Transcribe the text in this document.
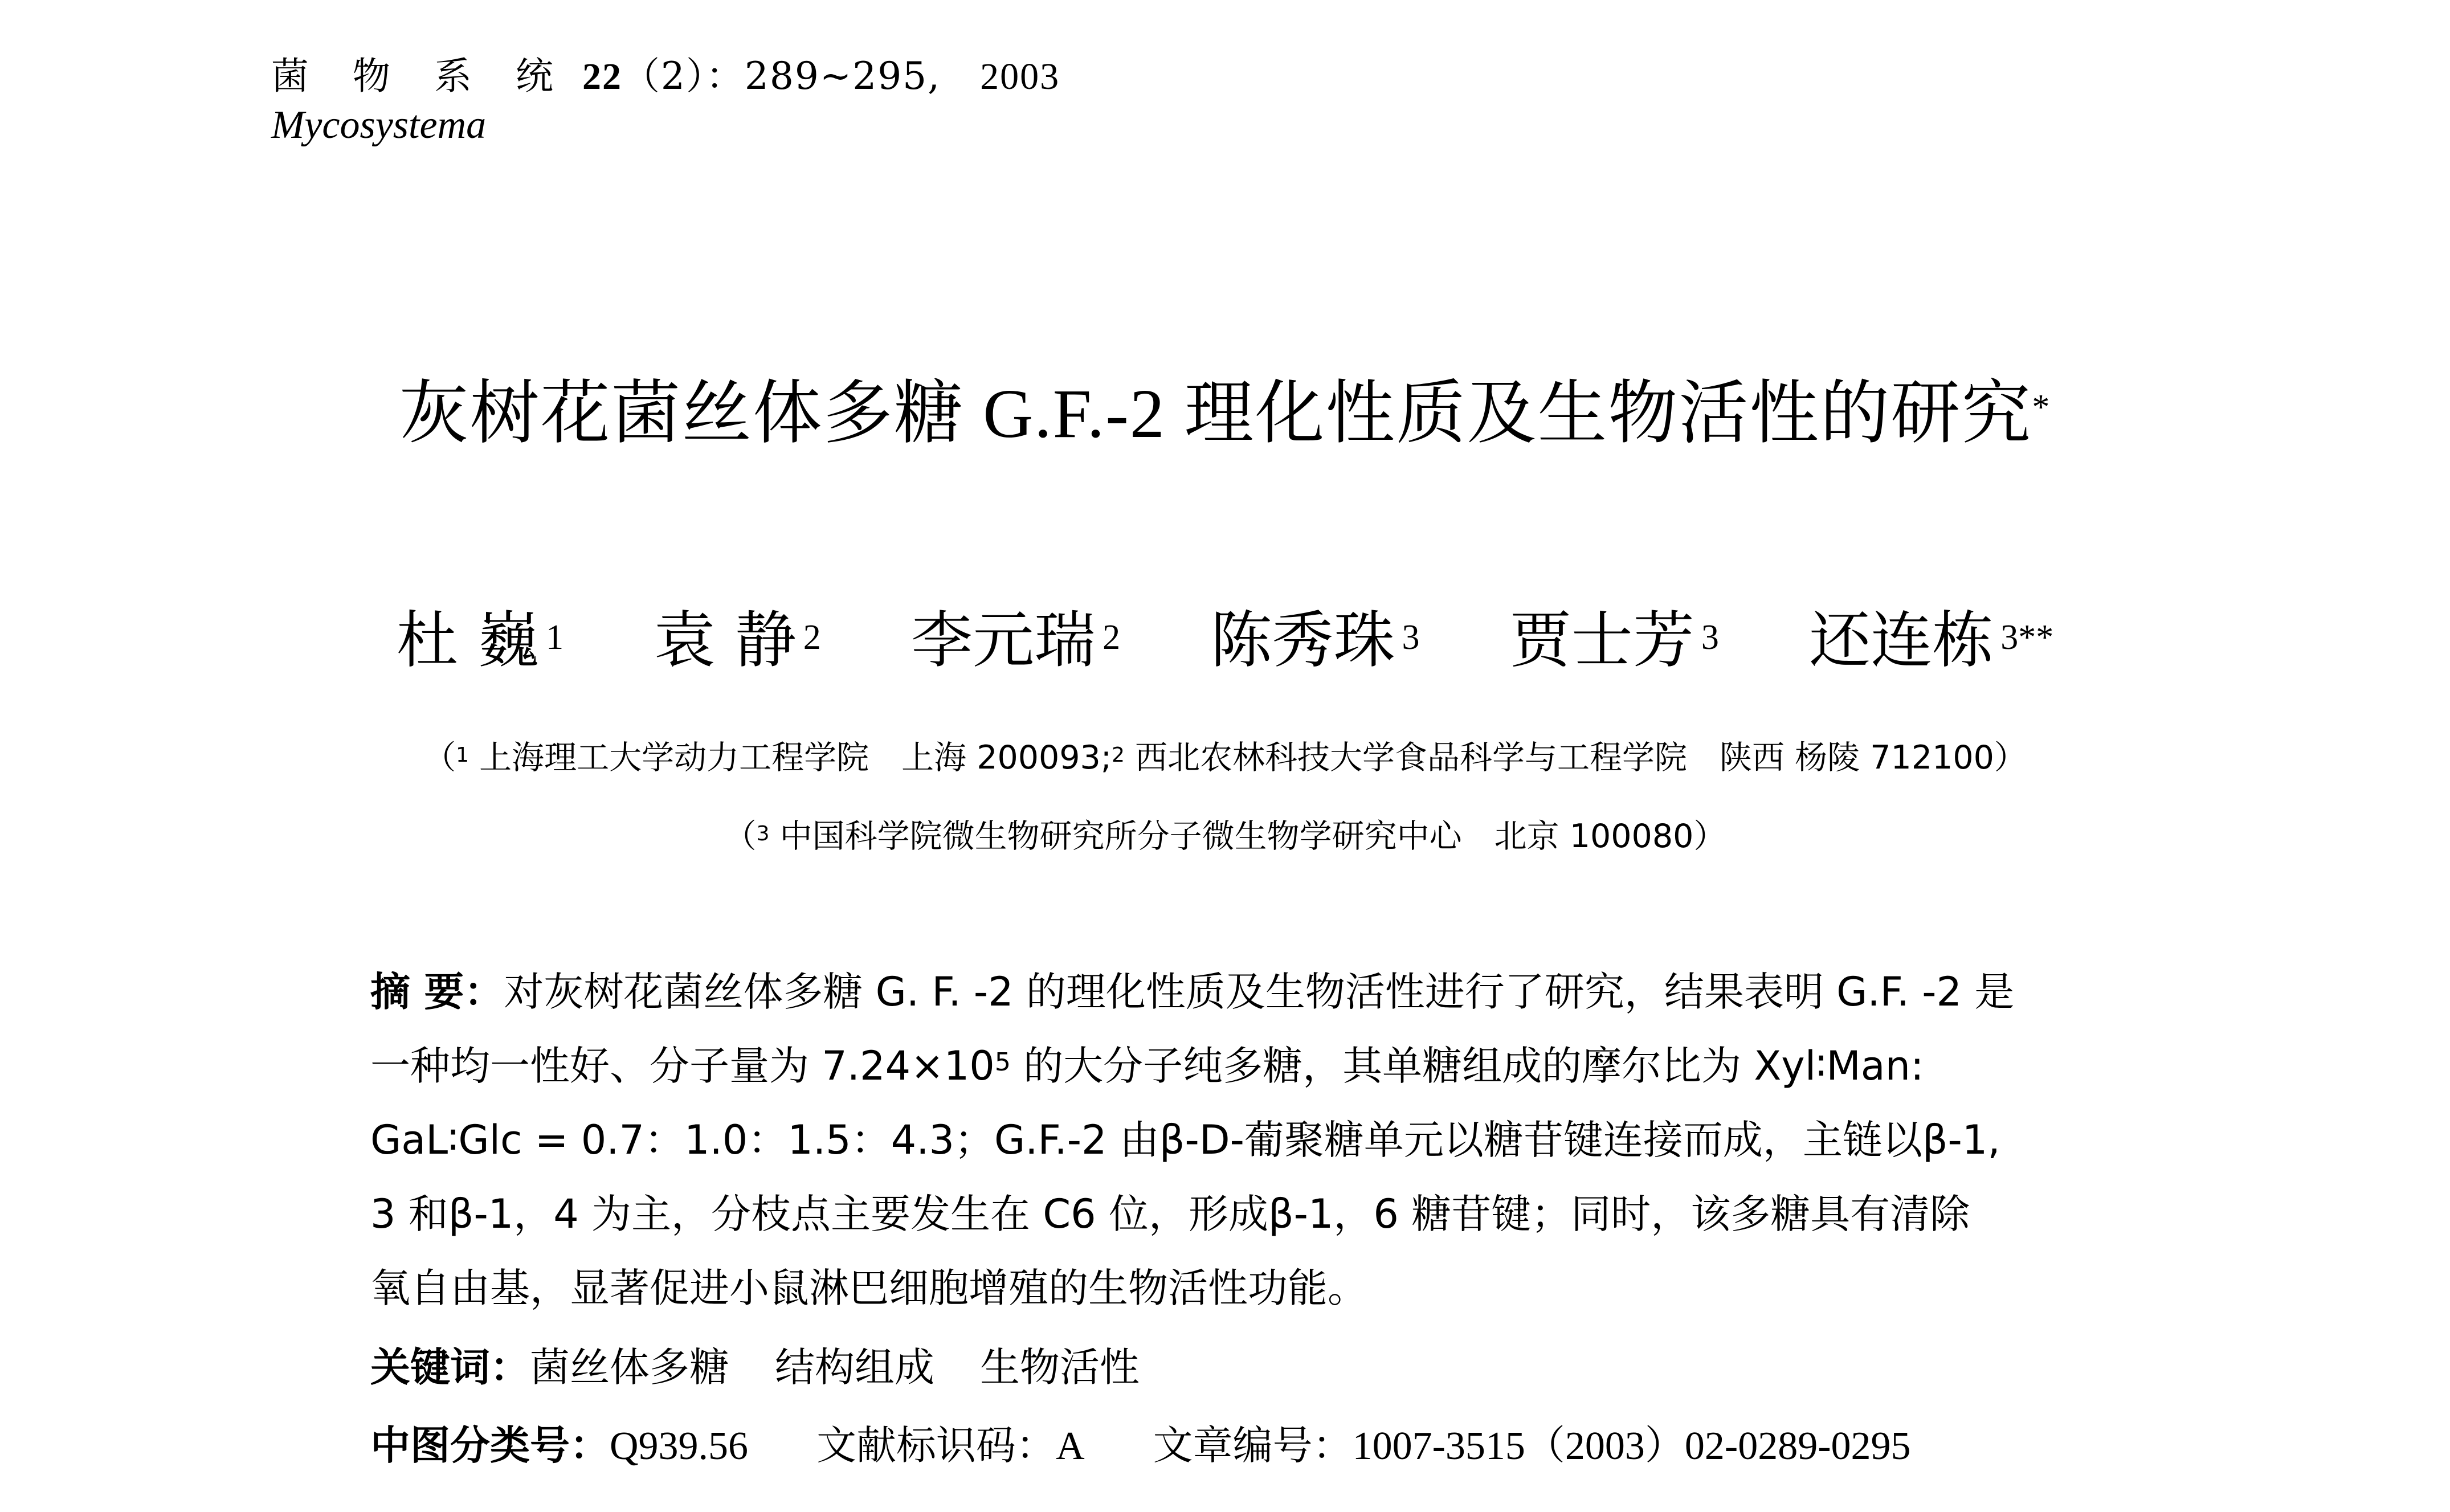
菌 物 系 统 22（2）：289~295, 2003
Mycosystema
灰树花菌丝体多糖 G.F.-2 理化性质及生物活性的研究*
杜 巍 $^1$ 袁 静 $^2$ 李元瑞 $^2$ 陈秀珠 $^3$ 贾士芳 $^3$ 还连栋 $^{3**}$
（$^1$ 上海理工大学动力工程学院　上海 200093;$^2$ 西北农林科技大学食品科学与工程学院　陕西 杨陵 712100）
（$^3$ 中国科学院微生物研究所分子微生物学研究中心　北京 100080）
摘 要：对灰树花菌丝体多糖 G. F. -2 的理化性质及生物活性进行了研究，结果表明 G.F. -2 是
一种均一性好、分子量为 $7.24\times 10^5$ 的大分子纯多糖，其单糖组成的摩尔比为 Xyl∶Man:
GaL∶Glc = 0.7：1.0：1.5：4.3；G.F.-2 由β-D-葡聚糖单元以糖苷键连接而成，主链以β-1,
3 和β-1，4 为主，分枝点主要发生在 C6 位，形成β-1，6 糖苷键；同时，该多糖具有清除
氧自由基，显著促进小鼠淋巴细胞增殖的生物活性功能。
关键词：菌丝体多糖 结构组成 生物活性
中图分类号：Q939.56 文献标识码：A 文章编号：1007-3515（2003）02-0289-0295
